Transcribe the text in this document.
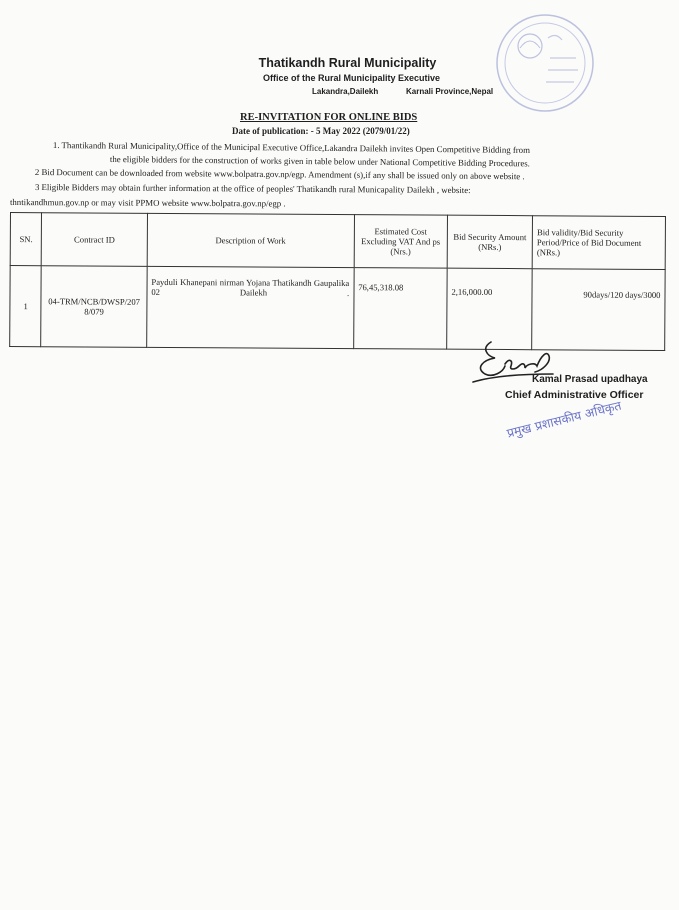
Thatikandh Rural Municipality
Office of the Rural Municipality Executive
Lakandra,Dailekh	Karnali Province,Nepal
RE-INVITATION FOR ONLINE BIDS
Date of publication: - 5 May 2022 (2079/01/22)
1. Thantikandh Rural Municipality,Office of the Municipal Executive Office,Lakandra Dailekh invites Open Competitive Bidding from
the eligible bidders for the construction of works given in table below under National Competitive Bidding Procedures.
2 Bid Document can be downloaded from website www.bolpatra.gov.np/egp. Amendment (s),if any shall be issued only on above website .
3 Eligible Bidders may obtain further information at the office of peoples' Thatikandh rural Municapality Dailekh , website:
thntikandhmun.gov.np or may visit PPMO website www.bolpatra.gov.np/egp .
SN.	Contract ID	Description of Work	Estimated Cost Excluding VAT And ps (Nrs.)	Bid Security Amount (NRs.)	Bid validity/Bid Security Period/Price of Bid Document (NRs.)
1	04-TRM/NCB/DWSP/2078/079	Payduli Khanepani nirman Yojana Thatikandh Gaupalika 02 Dailekh .	76,45,318.08	2,16,000.00	90days/120 days/3000
Kamal Prasad upadhaya
Chief Administrative Officer
प्रमुख प्रशासकीय अधिकृत
